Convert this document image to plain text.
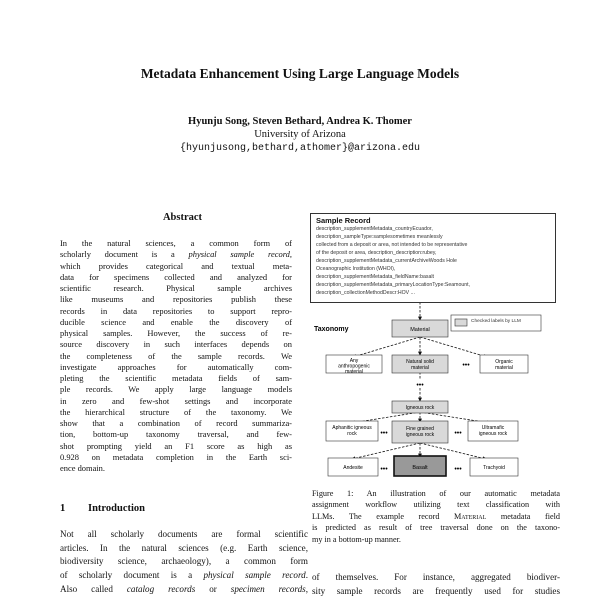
Metadata Enhancement Using Large Language Models
Hyunju Song, Steven Bethard, Andrea K. Thomer
University of Arizona
{hyunjusong,bethard,athomer}@arizona.edu
Abstract
In the natural sciences, a common form of
scholarly document is a physical sample record,
which provides categorical and textual meta-
data for specimens collected and analyzed for
scientific research. Physical sample archives
like museums and repositories publish these
records in data repositories to support repro-
ducible science and enable the discovery of
physical samples. However, the success of re-
source discovery in such interfaces depends on
the completeness of the sample records. We
investigate approaches for automatically com-
pleting the scientific metadata fields of sam-
ple records. We apply large language models
in zero and few-shot settings and incorporate
the hierarchical structure of the taxonomy. We
show that a combination of record summariza-
tion, bottom-up taxonomy traversal, and few-
shot prompting yield an F1 score as high as
0.928 on metadata completion in the Earth sci-
ence domain.
1 Introduction
Not all scholarly documents are formal scientific
articles. In the natural sciences (e.g. Earth science,
biodiversity science, archaeology), a common form
of scholarly document is a physical sample record.
Also called catalog records or specimen records,
Taxonomy
Checked labels by LLM
Material
Any anthropogenic material
Natural solid material	•••	Organic material
•••
Igneous rock
Aphanitic igneous rock	•••
Fine grained igneous rock	•••
Ultramafic igneous rock
Andesite	•••	Basalt	•••	Trachyoid
Sample Record
description_supplementMetadata_countryEcuador,
description_sampleType:samplesometimes meanlessly
collected from a deposit or area, not intended to be representative
of the deposit or area, description_description:rubey,
description_supplementMetadata_currentArchiveWoods Hole
Oceanographic Institution (WHOI),
description_supplementMetadata_fieldName:basalt
description_supplementMetadata_primaryLocationType:Seamount,
description_collectionMethodDescr:HOV ...
Figure 1: An illustration of our automatic metadata
assignment workflow utilizing text classification with
LLMs. The example record Material metadata field
is predicted as result of tree traversal done on the taxono-
my in a bottom-up manner.
of themselves. For instance, aggregated biodiver-
sity sample records are frequently used for studies
